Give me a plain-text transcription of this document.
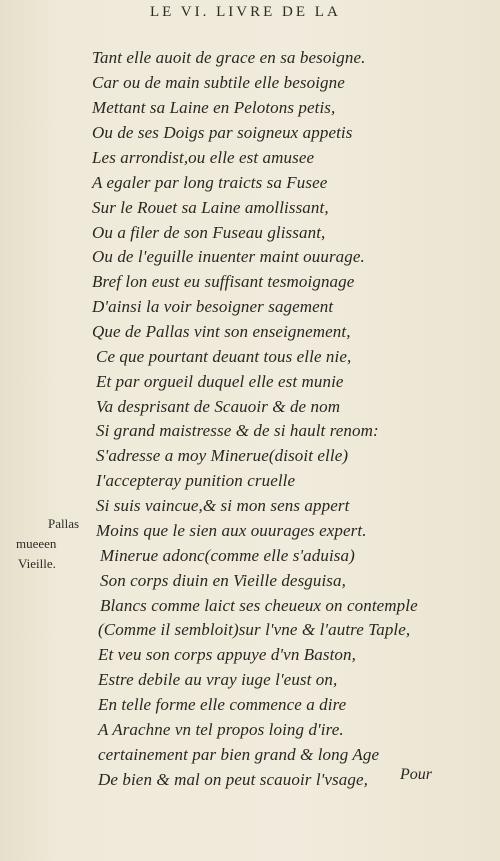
LE VI. LIVRE DE LA
Tant elle auoit de grace en sa besoigne.
Car ou de main subtile elle besoigne
Mettant sa Laine en Pelotons petis,
Ou de ses Doigs par soigneux appetis
Les arrondist,ou elle est amusee
A egaler par long traicts sa Fusee
Sur le Rouet sa Laine amollissant,
Ou a filer de son Fuseau glissant,
Ou de l'eguille inuenter maint ouurage.
Bref lon eust eu suffisant tesmoignage
D'ainsi la voir besoigner sagement
Que de Pallas vint son enseignement,
Ce que pourtant deuant tous elle nie,
Et par orgueil duquel elle est munie
Va desprisant de Scauoir & de nom
Si grand maistresse & de si hault renom:
S'adresse a moy Minerue(disoit elle)
I'accepteray punition cruelle
Si suis vaincue,& si mon sens appert
Moins que le sien aux ouurages expert.
Minerue adonc(comme elle s'aduisa)
Son corps diuin en Vieille desguisa,
Blancs comme laict ses cheueux on contemple
(Comme il sembloit)sur l'vne & l'autre Taple,
Et veu son corps appuye d'vn Baston,
Estre debile au vray iuge l'eust on,
En telle forme elle commence a dire
A Arachne vn tel propos loing d'ire.
certainement par bien grand & long Age
De bien & mal on peut scauoir l'vsage,
Pallas
mueeen
Vieille.
Pour
